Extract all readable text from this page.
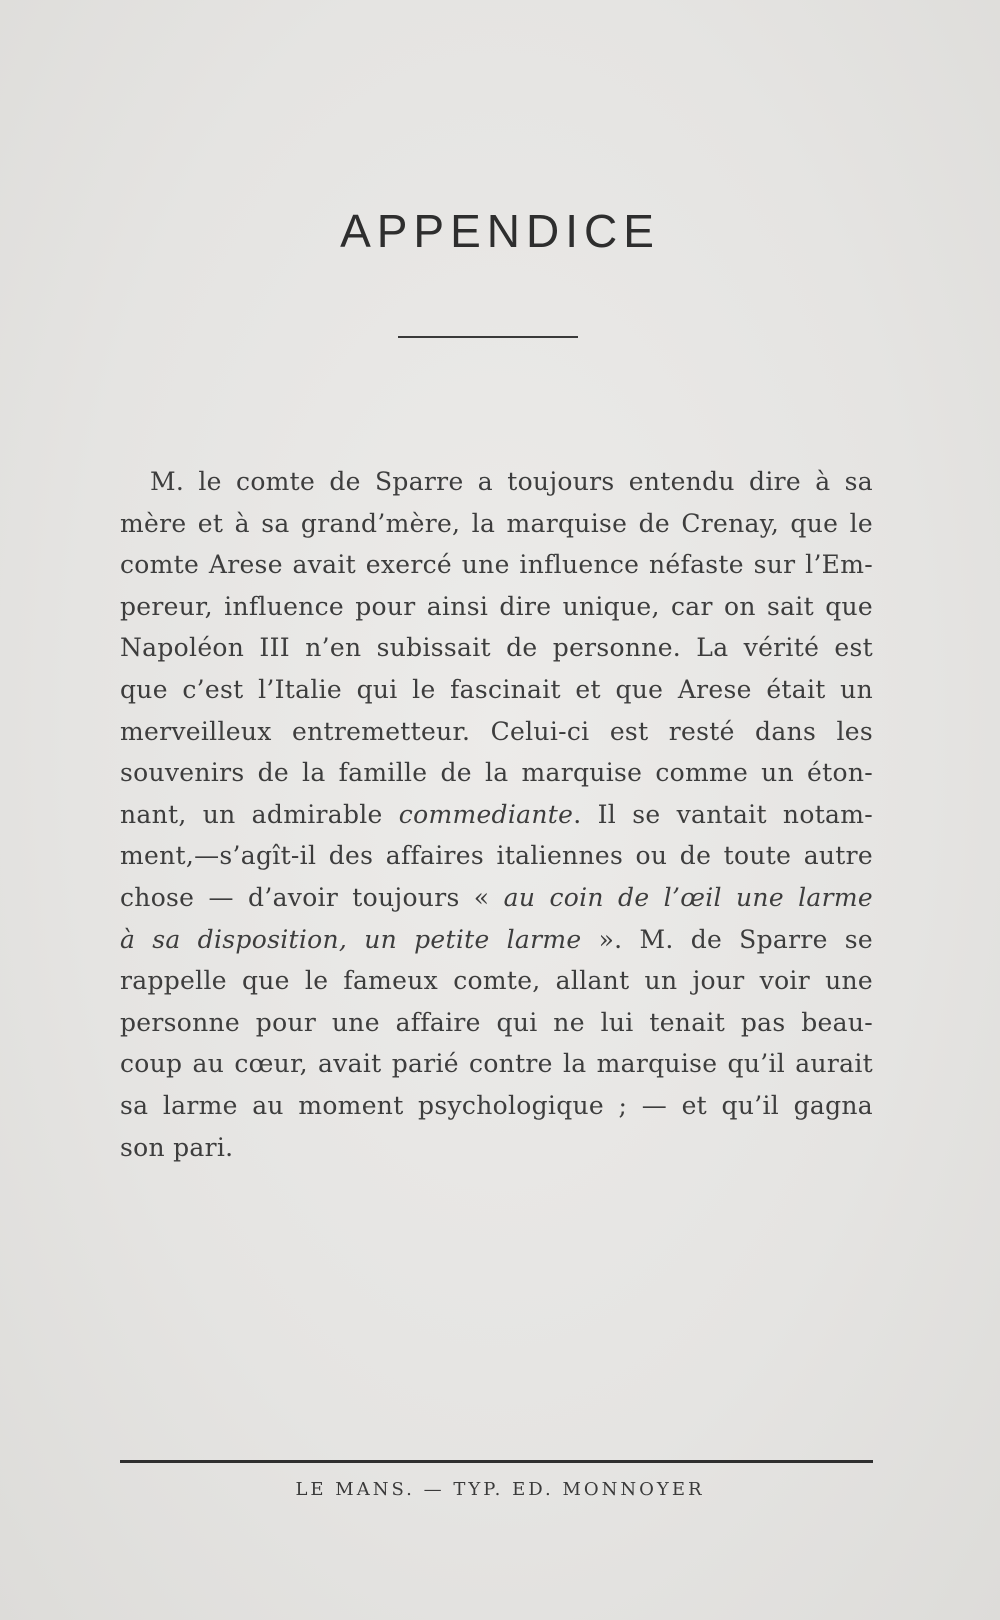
APPENDICE
M. le comte de Sparre a toujours entendu dire à sa
mère et à sa grand’mère, la marquise de Crenay, que le
comte Arese avait exercé une influence néfaste sur l’Em-
pereur, influence pour ainsi dire unique, car on sait que
Napoléon III n’en subissait de personne. La vérité est
que c’est l’Italie qui le fascinait et que Arese était un
merveilleux entremetteur. Celui-ci est resté dans les
souvenirs de la famille de la marquise comme un éton-
nant, un admirable commediante. Il se vantait notam-
ment,—s’agît-il des affaires italiennes ou de toute autre
chose — d’avoir toujours « au coin de l’œil une larme
à sa disposition, un petite larme ». M. de Sparre se
rappelle que le fameux comte, allant un jour voir une
personne pour une affaire qui ne lui tenait pas beau-
coup au cœur, avait parié contre la marquise qu’il aurait
sa larme au moment psychologique ; — et qu’il gagna
son pari.
LE MANS. — TYP. ED. MONNOYER
